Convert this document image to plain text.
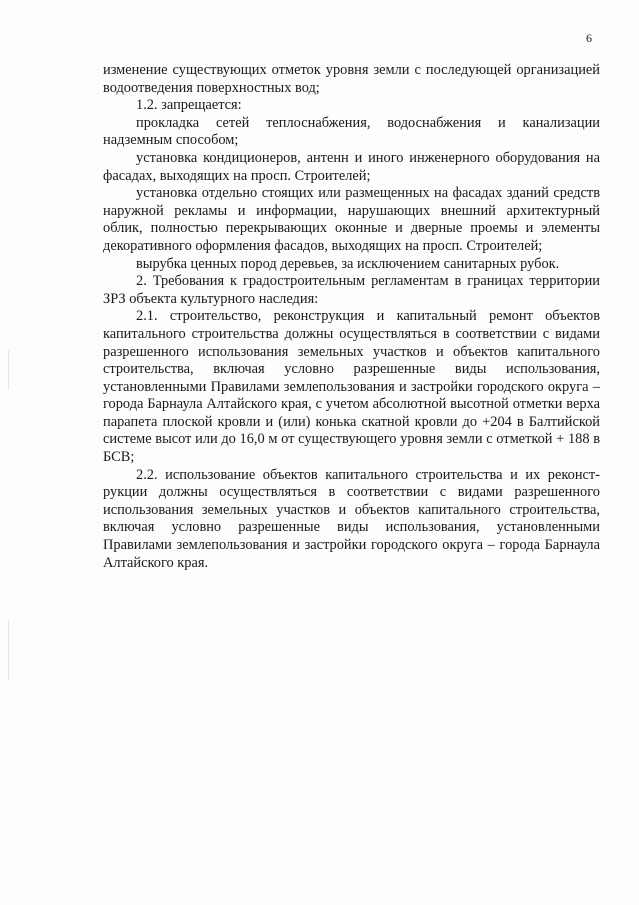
6

изменение существующих отметок уровня земли с последующей организацией водоотведения поверхностных вод;

1.2. запрещается:

прокладка сетей теплоснабжения, водоснабжения и канализации надземным способом;

установка кондиционеров, антенн и иного инженерного оборудования на фасадах, выходящих на просп. Строителей;

установка отдельно стоящих или размещенных на фасадах зданий средств наружной рекламы и информации, нарушающих внешний архитектурный облик, полностью перекрывающих оконные и дверные проемы и элементы декоративного оформления фасадов, выходящих на просп. Строителей;

вырубка ценных пород деревьев, за исключением санитарных рубок.

2. Требования к градостроительным регламентам в границах территории ЗРЗ объекта культурного наследия:

2.1. строительство, реконструкция и капитальный ремонт объектов капитального строительства должны осуществляться в соответствии с видами разрешенного использования земельных участков и объектов капитального строительства, включая условно разрешенные виды использования, установленными Правилами землепользования и застройки городского округа – города Барнаула Алтайского края, с учетом абсолютной высотной отметки верха парапета плоской кровли и (или) конька скатной кровли до +204 в Балтийской системе высот или до 16,0 м от существующего уровня земли с отметкой + 188 в БСВ;

2.2. использование объектов капитального строительства и их реконструкции должны осуществляться в соответствии с видами разрешенного использования земельных участков и объектов капитального строительства, включая условно разрешенные виды использования, установленными Правилами землепользования и застройки городского округа – города Барнаула Алтайского края.
